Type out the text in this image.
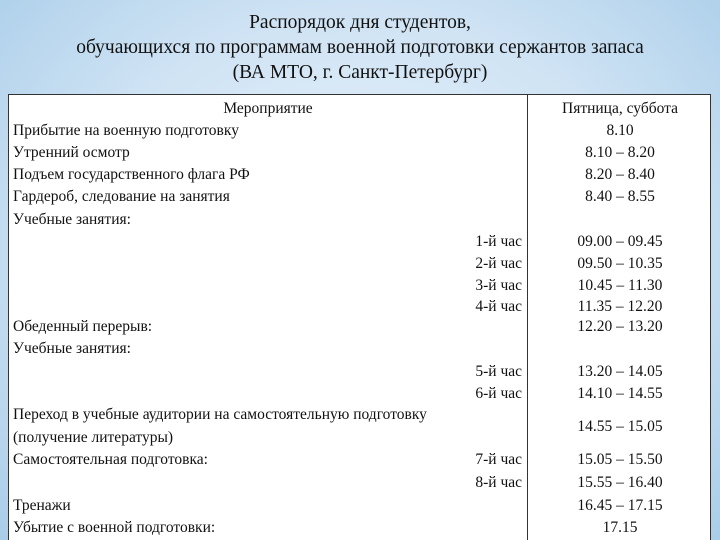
Распорядок дня студентов,
обучающихся по программам военной подготовки сержантов запаса
(ВА МТО, г. Санкт-Петербург)
Мероприятие	Пятница, суббота
Прибытие на военную подготовку
Утренний осмотр
Подъем государственного флага РФ
Гардероб, следование на занятия
Учебные занятия:
Обеденный перерыв:
Учебные занятия:
Переход в учебные аудитории на самостоятельную подготовку
(получение литературы)
Самостоятельная подготовка:
Тренажи
Убытие с военной подготовки:
1-й час
2-й час
3-й час
4-й час
5-й час
6-й час
7-й час
8-й час
8.10
8.10 – 8.20
8.20 – 8.40
8.40 – 8.55
09.00 – 09.45
09.50 – 10.35
10.45 – 11.30
11.35 – 12.20
12.20 – 13.20
13.20 – 14.05
14.10 – 14.55
14.55 – 15.05
15.05 – 15.50
15.55 – 16.40
16.45 – 17.15
17.15
